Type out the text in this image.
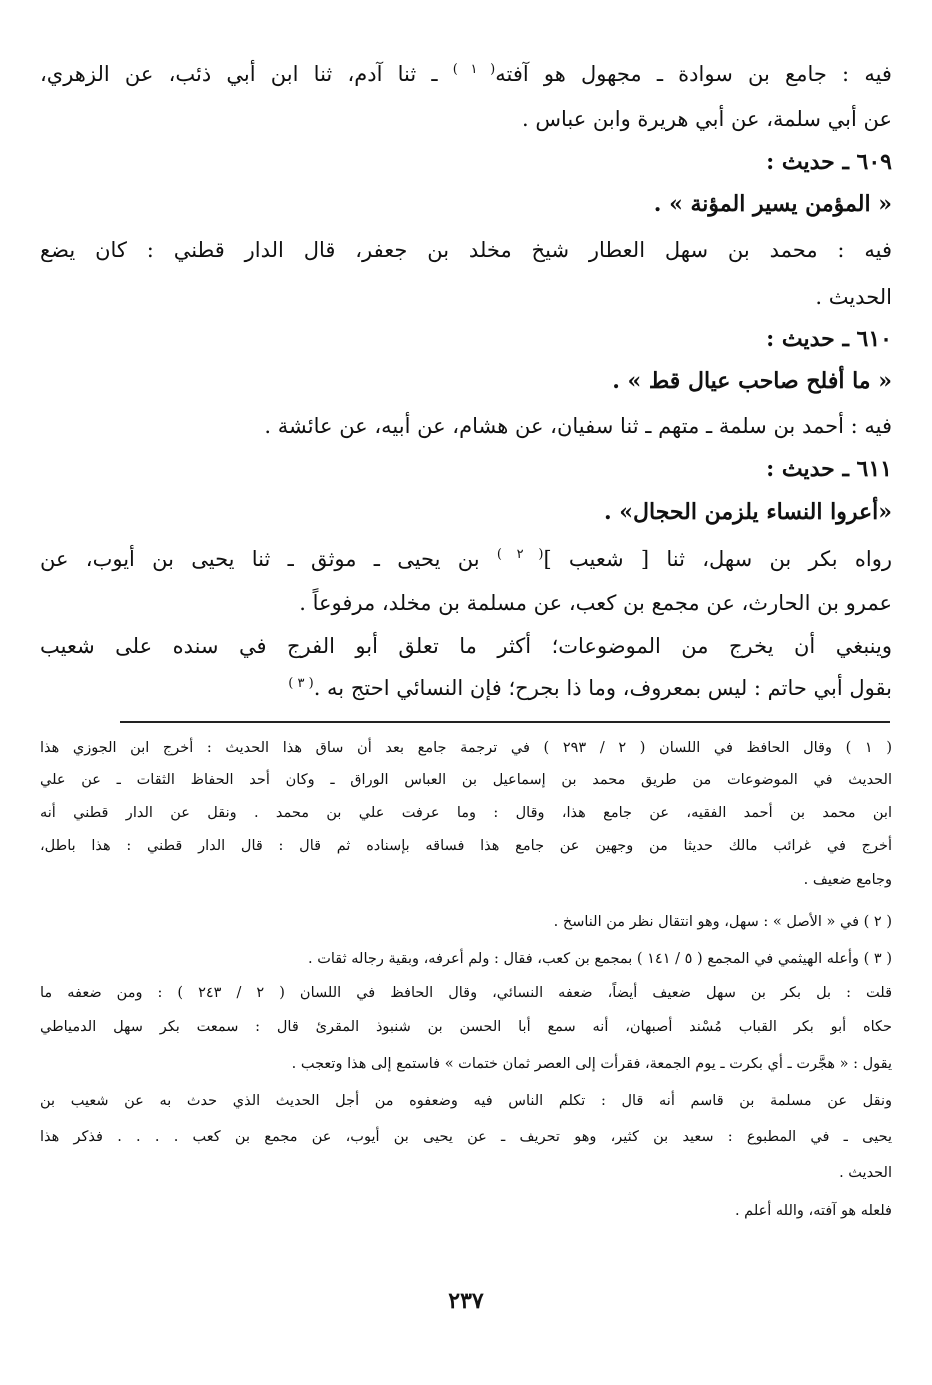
فيه : جامع بن سوادة ـ مجهول هو آفته$^{( ١ )}$ ـ ثنا آدم، ثنا ابن أبي ذئب، عن الزهري،
عن أبي سلمة، عن أبي هريرة وابن عباس .
٦٠٩ ـ حديث :
« المؤمن يسير المؤنة » .
فيه : محمد بن سهل العطار شيخ مخلد بن جعفر، قال الدار قطني : كان يضع
الحديث .
٦١٠ ـ حديث :
« ما أفلح صاحب عيال قط » .
فيه : أحمد بن سلمة ـ متهم ـ ثنا سفيان، عن هشام، عن أبيه، عن عائشة .
٦١١ ـ حديث :
«أعروا النساء يلزمن الحجال» .
رواه بكر بن سهل، ثنا [ شعيب ]$^{( ٢ )}$ بن يحيى ـ موثق ـ ثنا يحيى بن أيوب، عن
عمرو بن الحارث، عن مجمع بن كعب، عن مسلمة بن مخلد، مرفوعاً .
وينبغي أن يخرج من الموضوعات؛ أكثر ما تعلق أبو الفرج في سنده على شعيب
بقول أبي حاتم : ليس بمعروف، وما ذا بجرح؛ فإن النسائي احتج به .$^{( ٣ )}$
( ١ ) وقال الحافظ في اللسان ( ٢ / ٢٩٣ ) في ترجمة جامع بعد أن ساق هذا الحديث : أخرج ابن الجوزي هذا
الحديث في الموضوعات من طريق محمد بن إسماعيل بن العباس الوراق ـ وكان أحد الحفاظ الثقات ـ عن علي
ابن محمد بن أحمد الفقيه، عن جامع هذا، وقال : وما عرفت علي بن محمد . ونقل عن الدار قطني أنه
أخرج في غرائب مالك حديثا من وجهين عن جامع هذا فساقه بإسناده ثم قال : قال الدار قطني : هذا باطل،
وجامع ضعيف .
( ٢ ) في « الأصل » : سهل، وهو انتقال نظر من الناسخ .
( ٣ ) وأعله الهيثمي في المجمع ( ٥ / ١٤١ ) بمجمع بن كعب، فقال : ولم أعرفه، وبقية رجاله ثقات .
قلت : بل بكر بن سهل ضعيف أيضاً، ضعفه النسائي، وقال الحافظ في اللسان ( ٢ / ٢٤٣ ) : ومن ضعفه ما
حكاه أبو بكر القباب مُسْند أصبهان، أنه سمع أبا الحسن بن شنبوذ المقرئ قال : سمعت بكر سهل الدمياطي
يقول : « هجَّرت ـ أي بكرت ـ يوم الجمعة، فقرأت إلى العصر ثمان ختمات » فاستمع إلى هذا وتعجب .
ونقل عن مسلمة بن قاسم أنه قال : تكلم الناس فيه وضعفوه من أجل الحديث الذي حدث به عن شعيب بن
يحيى ـ في المطبوع : سعيد بن كثير، وهو تحريف ـ عن يحيى بن أيوب، عن مجمع بن كعب . . . . فذكر هذا
الحديث .
فلعله هو آفته، والله أعلم .
٢٣٧
